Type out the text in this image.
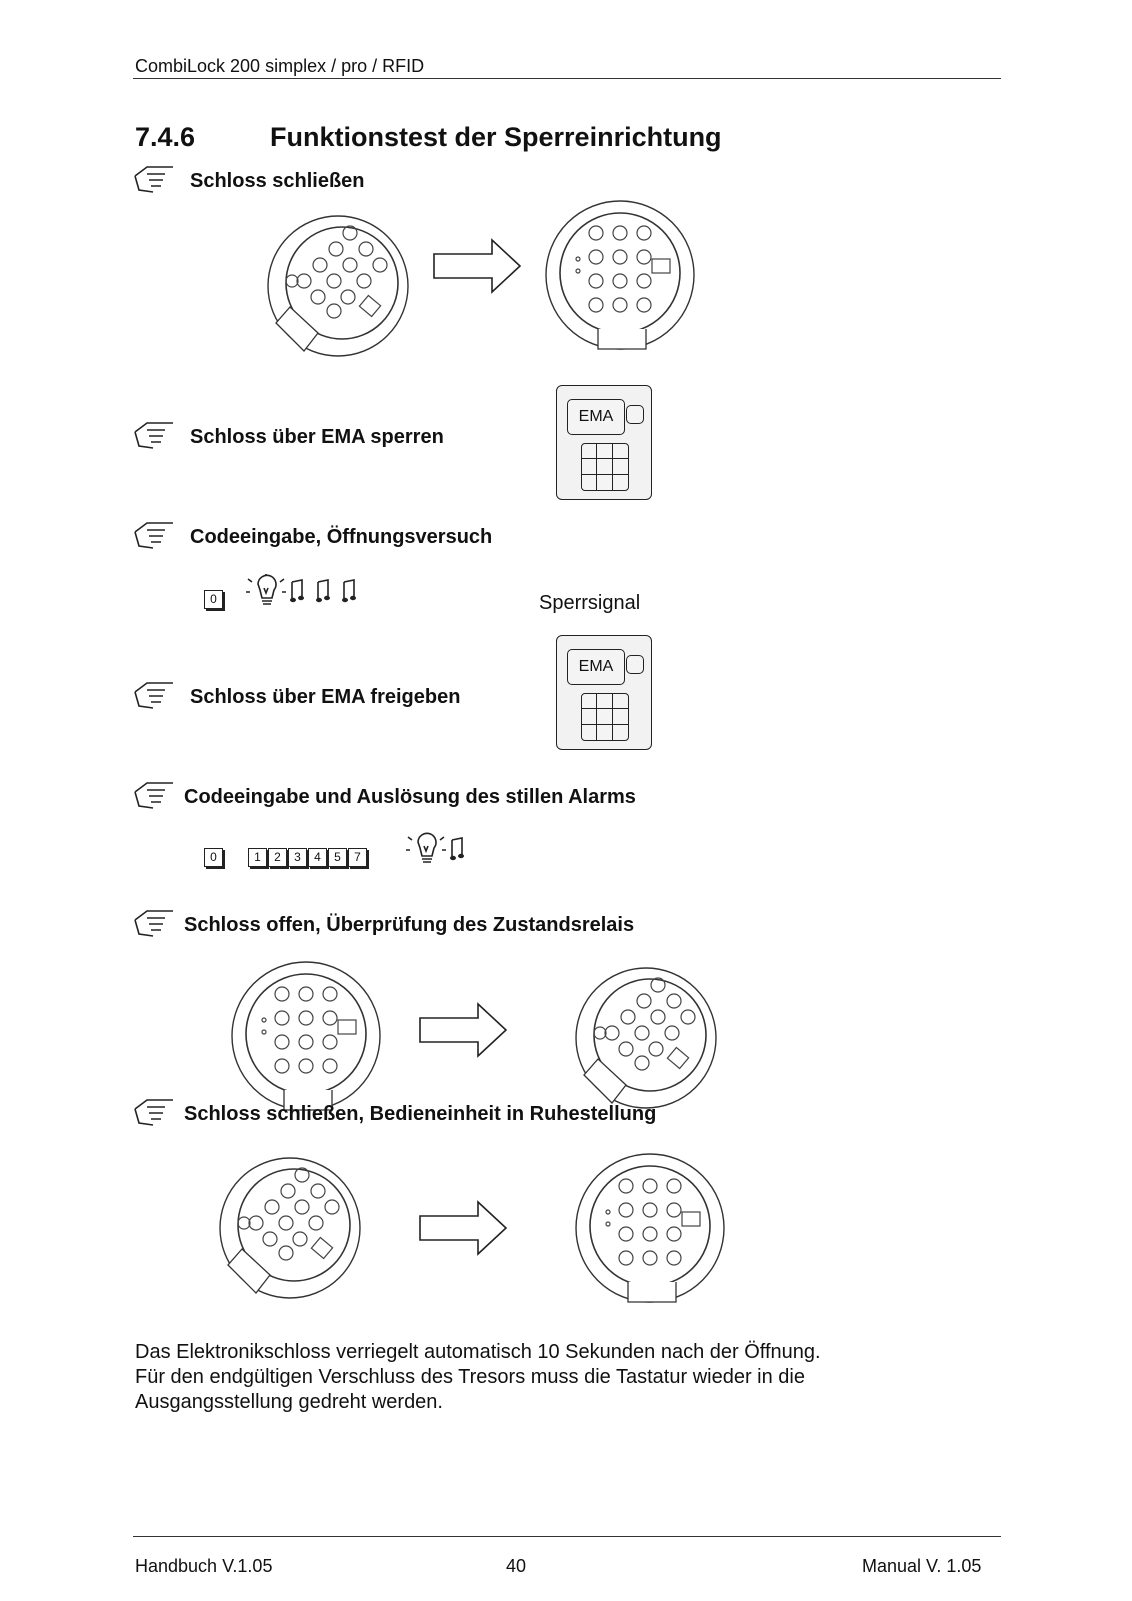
CombiLock 200 simplex / pro / RFID
7.4.6	Funktionstest der Sperreinrichtung
Schloss schließen
EMA
Schloss über EMA sperren
Codeeingabe, Öffnungsversuch
0	Sperrsignal
EMA
Schloss über EMA freigeben
Codeeingabe und Auslösung des stillen Alarms
0	1 2 3 4 5 7
Schloss offen, Überprüfung des Zustandsrelais
Schloss schließen, Bedieneinheit in Ruhestellung
Das Elektronikschloss verriegelt automatisch 10 Sekunden nach der Öffnung.
Für den endgültigen Verschluss des Tresors muss die Tastatur wieder in die
Ausgangsstellung gedreht werden.
Handbuch V.1.05	40	Manual V. 1.05
